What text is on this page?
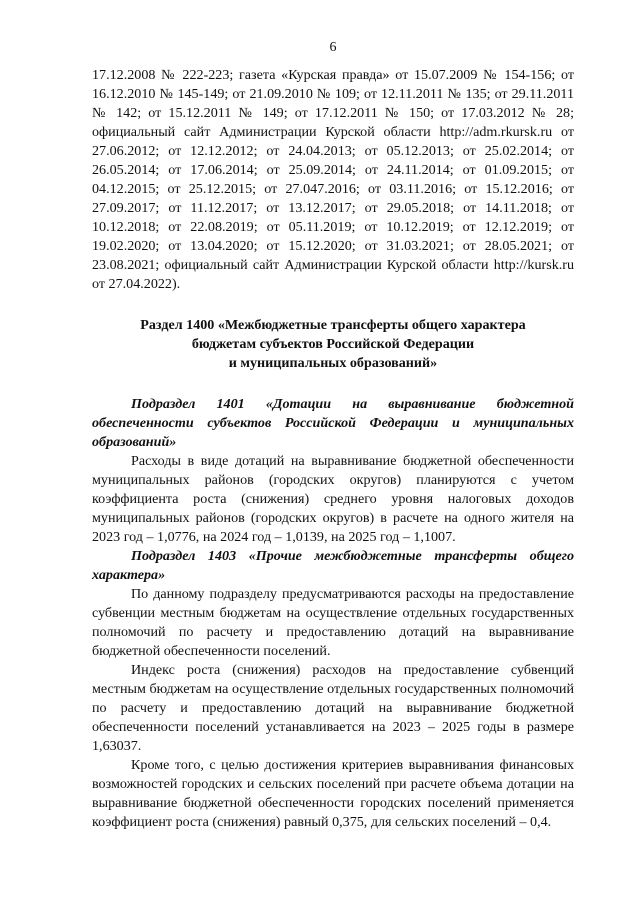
6

17.12.2008 № 222-223; газета «Курская правда» от 15.07.2009 № 154-156; от 16.12.2010 № 145-149; от 21.09.2010 № 109; от 12.11.2011 № 135; от 29.11.2011 № 142; от 15.12.2011 № 149; от 17.12.2011 № 150; от 17.03.2012 № 28; официальный сайт Администрации Курской области http://adm.rkursk.ru от 27.06.2012; от 12.12.2012; от 24.04.2013; от 05.12.2013; от 25.02.2014; от 26.05.2014; от 17.06.2014; от 25.09.2014; от 24.11.2014; от 01.09.2015; от 04.12.2015; от 25.12.2015; от 27.047.2016; от 03.11.2016; от 15.12.2016; от 27.09.2017; от 11.12.2017; от 13.12.2017; от 29.05.2018; от 14.11.2018; от 10.12.2018; от 22.08.2019; от 05.11.2019; от 10.12.2019; от 12.12.2019; от 19.02.2020; от 13.04.2020; от 15.12.2020; от 31.03.2021; от 28.05.2021; от 23.08.2021; официальный сайт Администрации Курской области http://kursk.ru от 27.04.2022).

Раздел 1400 «Межбюджетные трансферты общего характера
бюджетам субъектов Российской Федерации
и муниципальных образований»

Подраздел 1401 «Дотации на выравнивание бюджетной обеспеченности субъектов Российской Федерации и муниципальных образований»

Расходы в виде дотаций на выравнивание бюджетной обеспеченности муниципальных районов (городских округов) планируются с учетом коэффициента роста (снижения) среднего уровня налоговых доходов муниципальных районов (городских округов) в расчете на одного жителя на 2023 год – 1,0776, на 2024 год – 1,0139, на 2025 год – 1,1007.

Подраздел 1403 «Прочие межбюджетные трансферты общего характера»

По данному подразделу предусматриваются расходы на предоставление субвенции местным бюджетам на осуществление отдельных государственных полномочий по расчету и предоставлению дотаций на выравнивание бюджетной обеспеченности поселений.

Индекс роста (снижения) расходов на предоставление субвенций местным бюджетам на осуществление отдельных государственных полномочий по расчету и предоставлению дотаций на выравнивание бюджетной обеспеченности поселений устанавливается на 2023 – 2025 годы в размере 1,63037.

Кроме того, с целью достижения критериев выравнивания финансовых возможностей городских и сельских поселений при расчете объема дотации на выравнивание бюджетной обеспеченности городских поселений применяется коэффициент роста (снижения) равный 0,375, для сельских поселений – 0,4.
